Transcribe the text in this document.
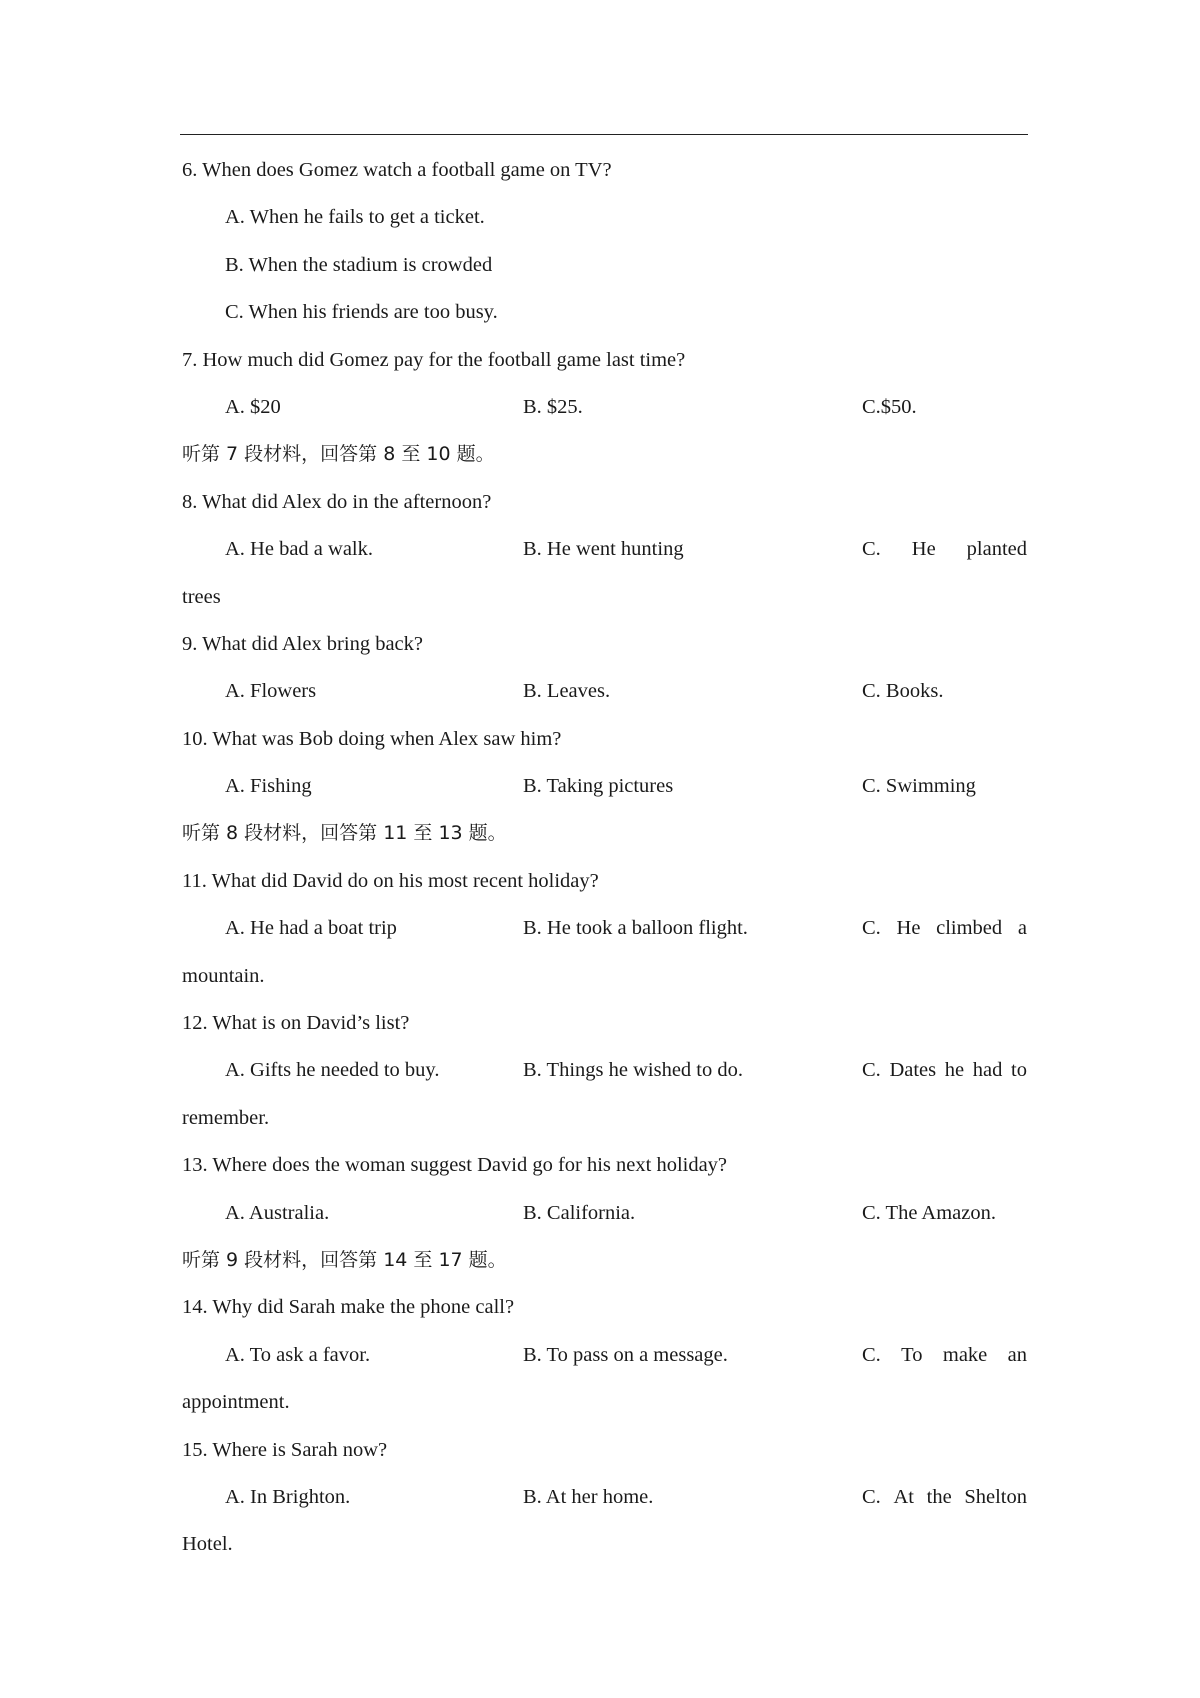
6. When does Gomez watch a football game on TV?
A. When he fails to get a ticket.
B. When the stadium is crowded
C. When his friends are too busy.
7. How much did Gomez pay for the football game last time?
A. $20	B. $25.	C.$50.
听第 7 段材料，回答第 8 至 10 题。
8. What did Alex do in the afternoon?
A. He bad a walk.	B. He went hunting	C. He planted
trees
9. What did Alex bring back?
A. Flowers	B. Leaves.	C. Books.
10. What was Bob doing when Alex saw him?
A. Fishing	B. Taking pictures	C. Swimming
听第 8 段材料，回答第 11 至 13 题。
11. What did David do on his most recent holiday?
A. He had a boat trip	B. He took a balloon flight.	C. He climbed a
mountain.
12. What is on David’s list?
A. Gifts he needed to buy.	B. Things he wished to do.	C. Dates he had to
remember.
13. Where does the woman suggest David go for his next holiday?
A. Australia.	B. California.	C. The Amazon.
听第 9 段材料，回答第 14 至 17 题。
14. Why did Sarah make the phone call?
A. To ask a favor.	B. To pass on a message.	C. To make an
appointment.
15. Where is Sarah now?
A. In Brighton.	B. At her home.	C. At the Shelton
Hotel.
